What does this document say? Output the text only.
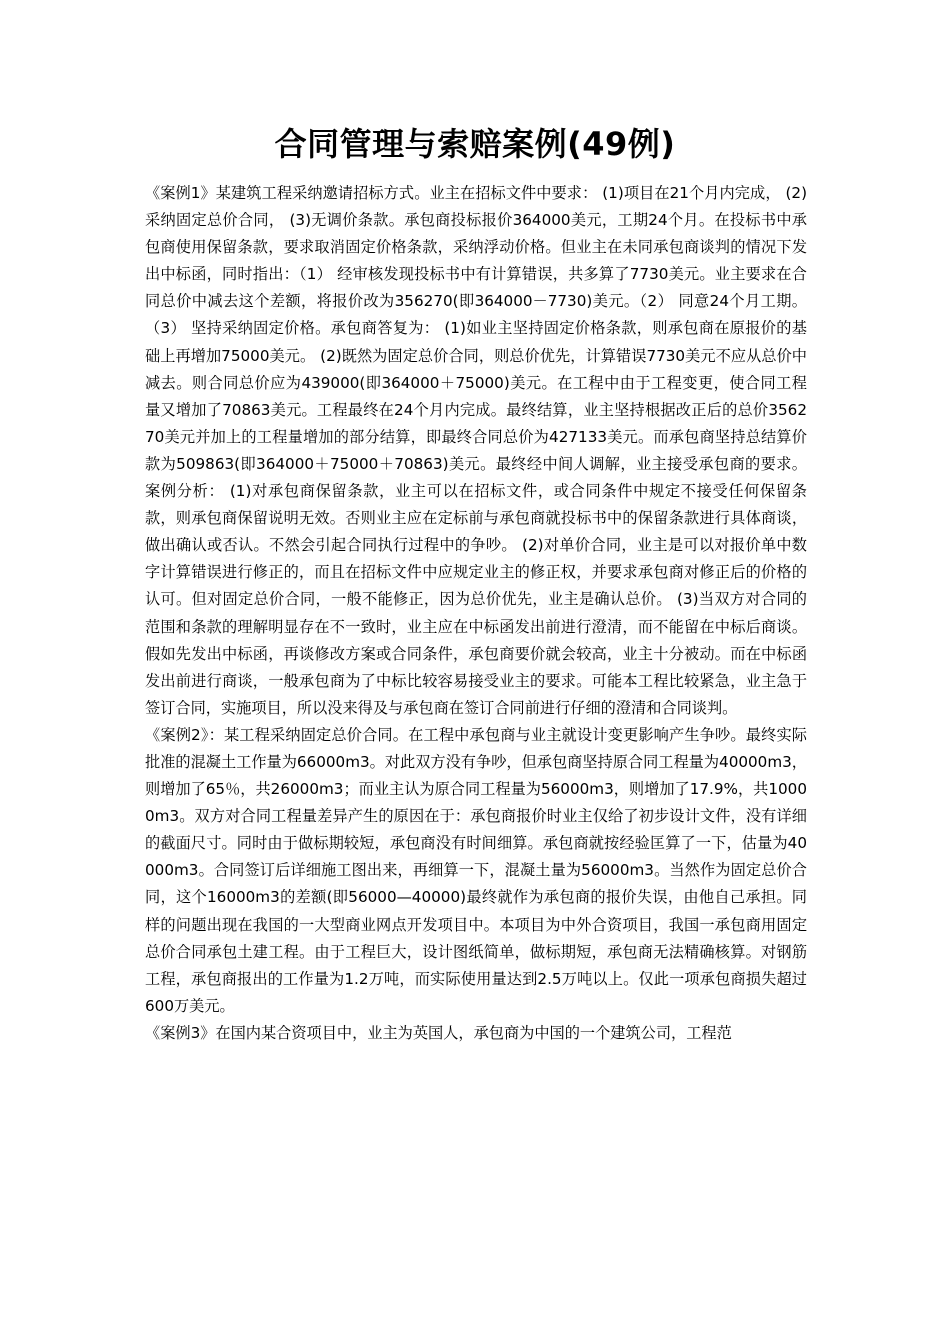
合同管理与索赔案例(49例)

《案例1》某建筑工程采纳邀请招标方式。业主在招标文件中要求： (1)项目在21个月内完成， (2)采纳固定总价合同， (3)无调价条款。承包商投标报价364000美元，工期24个月。在投标书中承包商使用保留条款，要求取消固定价格条款，采纳浮动价格。但业主在未同承包商谈判的情况下发出中标函，同时指出：（1） 经审核发现投标书中有计算错误，共多算了7730美元。业主要求在合同总价中减去这个差额，将报价改为356270(即364000－7730)美元。（2） 同意24个月工期。（3） 坚持采纳固定价格。承包商答复为： (1)如业主坚持固定价格条款，则承包商在原报价的基础上再增加75000美元。 (2)既然为固定总价合同，则总价优先，计算错误7730美元不应从总价中减去。则合同总价应为439000(即364000＋75000)美元。在工程中由于工程变更，使合同工程量又增加了70863美元。工程最终在24个月内完成。最终结算，业主坚持根据改正后的总价356270美元并加上的工程量增加的部分结算，即最终合同总价为427133美元。而承包商坚持总结算价款为509863(即364000＋75000＋70863)美元。最终经中间人调解，业主接受承包商的要求。案例分析： (1)对承包商保留条款，业主可以在招标文件，或合同条件中规定不接受任何保留条款，则承包商保留说明无效。否则业主应在定标前与承包商就投标书中的保留条款进行具体商谈，做出确认或否认。不然会引起合同执行过程中的争吵。 (2)对单价合同，业主是可以对报价单中数字计算错误进行修正的，而且在招标文件中应规定业主的修正权，并要求承包商对修正后的价格的认可。但对固定总价合同，一般不能修正，因为总价优先，业主是确认总价。 (3)当双方对合同的范围和条款的理解明显存在不一致时，业主应在中标函发出前进行澄清，而不能留在中标后商谈。假如先发出中标函，再谈修改方案或合同条件，承包商要价就会较高，业主十分被动。而在中标函发出前进行商谈，一般承包商为了中标比较容易接受业主的要求。可能本工程比较紧急，业主急于签订合同，实施项目，所以没来得及与承包商在签订合同前进行仔细的澄清和合同谈判。

《案例2》：某工程采纳固定总价合同。在工程中承包商与业主就设计变更影响产生争吵。最终实际批准的混凝土工作量为66000m3。对此双方没有争吵，但承包商坚持原合同工程量为40000m3，则增加了65％，共26000m3；而业主认为原合同工程量为56000m3，则增加了17.9%，共10000m3。双方对合同工程量差异产生的原因在于：承包商报价时业主仅给了初步设计文件，没有详细的截面尺寸。同时由于做标期较短，承包商没有时间细算。承包商就按经验匡算了一下，估量为40000m3。合同签订后详细施工图出来，再细算一下，混凝土量为56000m3。当然作为固定总价合同，这个16000m3的差额(即56000—40000)最终就作为承包商的报价失误，由他自己承担。同样的问题出现在我国的一大型商业网点开发项目中。本项目为中外合资项目，我国一承包商用固定总价合同承包土建工程。由于工程巨大，设计图纸简单，做标期短，承包商无法精确核算。对钢筋工程，承包商报出的工作量为1.2万吨，而实际使用量达到2.5万吨以上。仅此一项承包商损失超过600万美元。

《案例3》在国内某合资项目中，业主为英国人，承包商为中国的一个建筑公司，工程范
